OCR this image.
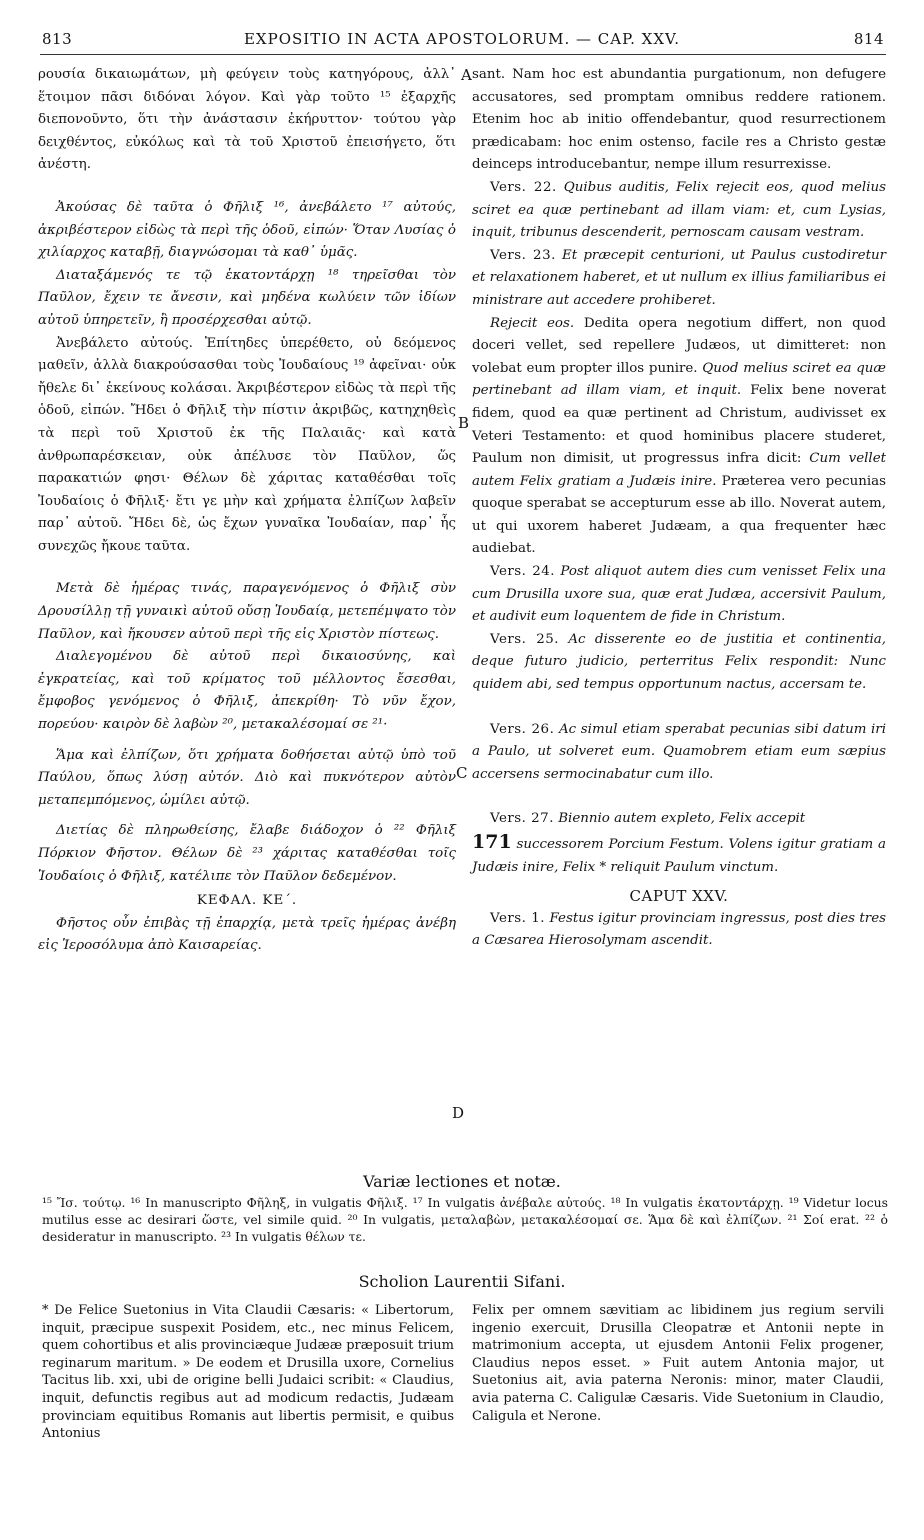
813	EXPOSITIO IN ACTA APOSTOLORUM. — CAP. XXV.	814
A
B
C
D

ρουσία δικαιωμάτων, μὴ φεύγειν τοὺς κατηγόρους, ἀλλ᾽ ἕτοιμον πᾶσι διδόναι λόγον. Καὶ γὰρ τοῦτο ¹⁵ ἐξαρχῆς διεπονοῦντο, ὅτι τὴν ἀνάστασιν ἐκήρυττον· τούτου γὰρ δειχθέντος, εὐκόλως καὶ τὰ τοῦ Χριστοῦ ἐπεισήγετο, ὅτι ἀνέστη.

Ἀκούσας δὲ ταῦτα ὁ Φῆλιξ ¹⁶, ἀνεβάλετο ¹⁷ αὐτούς, ἀκριβέστερον εἰδὼς τὰ περὶ τῆς ὁδοῦ, εἰπών· Ὅταν Λυσίας ὁ χιλίαρχος καταβῇ, διαγνώσομαι τὰ καθ᾽ ὑμᾶς.

Διαταξάμενός τε τῷ ἑκατοντάρχῃ ¹⁸ τηρεῖσθαι τὸν Παῦλον, ἔχειν τε ἄνεσιν, καὶ μηδένα κωλύειν τῶν ἰδίων αὐτοῦ ὑπηρετεῖν, ἢ προσέρχεσθαι αὐτῷ.

Ἀνεβάλετο αὐτούς. Ἐπίτηδες ὑπερέθετο, οὐ δεόμενος μαθεῖν, ἀλλὰ διακρούσασθαι τοὺς Ἰουδαίους ¹⁹ ἀφεῖναι· οὐκ ἤθελε δι᾽ ἐκείνους κολάσαι. Ἀκριβέστερον εἰδὼς τὰ περὶ τῆς ὁδοῦ, εἰπών. Ἤδει ὁ Φῆλιξ τὴν πίστιν ἀκριβῶς, κατηχηθεὶς τὰ περὶ τοῦ Χριστοῦ ἐκ τῆς Παλαιᾶς· καὶ κατὰ ἀνθρωπαρέσκειαν, οὐκ ἀπέλυσε τὸν Παῦλον, ὥς παρακατιών φησι· Θέλων δὲ χάριτας καταθέσθαι τοῖς Ἰουδαίοις ὁ Φῆλιξ· ἔτι γε μὴν καὶ χρήματα ἐλπίζων λαβεῖν παρ᾽ αὐτοῦ. Ἤδει δὲ, ὡς ἔχων γυναῖκα Ἰουδαίαν, παρ᾽ ἧς συνεχῶς ἤκουε ταῦτα.

Μετὰ δὲ ἡμέρας τινάς, παραγενόμενος ὁ Φῆλιξ σὺν Δρουσίλλῃ τῇ γυναικὶ αὐτοῦ οὔσῃ Ἰουδαίᾳ, μετεπέμψατο τὸν Παῦλον, καὶ ἤκουσεν αὐτοῦ περὶ τῆς εἰς Χριστὸν πίστεως.

Διαλεγομένου δὲ αὐτοῦ περὶ δικαιοσύνης, καὶ ἐγκρατείας, καὶ τοῦ κρίματος τοῦ μέλλοντος ἔσεσθαι, ἔμφοβος γενόμενος ὁ Φῆλιξ, ἀπεκρίθη· Τὸ νῦν ἔχον, πορεύου· καιρὸν δὲ λαβὼν ²⁰, μετακαλέσομαί σε ²¹·

Ἅμα καὶ ἐλπίζων, ὅτι χρήματα δοθήσεται αὐτῷ ὑπὸ τοῦ Παύλου, ὅπως λύσῃ αὐτόν. Διὸ καὶ πυκνότερον αὐτὸν μεταπεμπόμενος, ὡμίλει αὐτῷ.

Διετίας δὲ πληρωθείσης, ἔλαβε διάδοχον ὁ ²² Φῆλιξ Πόρκιον Φῆστον. Θέλων δὲ ²³ χάριτας καταθέσθαι τοῖς Ἰουδαίοις ὁ Φῆλιξ, κατέλιπε τὸν Παῦλον δεδεμένον.

ΚΕΦΑΛ. ΚΕ΄.

Φῆστος οὖν ἐπιβὰς τῇ ἐπαρχίᾳ, μετὰ τρεῖς ἡμέρας ἀνέβη εἰς Ἱεροσόλυμα ἀπὸ Καισαρείας.

sant. Nam hoc est abundantia purgationum, non defugere accusatores, sed promptam omnibus reddere rationem. Etenim hoc ab initio offendebantur, quod resurrectionem prædicabam: hoc enim ostenso, facile res a Christo gestæ deinceps introducebantur, nempe illum resurrexisse.

Vers. 22. Quibus auditis, Felix rejecit eos, quod melius sciret ea quæ pertinebant ad illam viam: et, cum Lysias, inquit, tribunus descenderit, pernoscam causam vestram.

Vers. 23. Et præcepit centurioni, ut Paulus custodiretur et relaxationem haberet, et ut nullum ex illius familiaribus ei ministrare aut accedere prohiberet.

Rejecit eos. Dedita opera negotium differt, non quod doceri vellet, sed repellere Judæos, ut dimitteret: non volebat eum propter illos punire. Quod melius sciret ea quæ pertinebant ad illam viam, et inquit. Felix bene noverat fidem, quod ea quæ pertinent ad Christum, audivisset ex Veteri Testamento: et quod hominibus placere studeret, Paulum non dimisit, ut progressus infra dicit: Cum vellet autem Felix gratiam a Judæis inire. Præterea vero pecunias quoque sperabat se accepturum esse ab illo. Noverat autem, ut qui uxorem haberet Judæam, a qua frequenter hæc audiebat.

Vers. 24. Post aliquot autem dies cum venisset Felix una cum Drusilla uxore sua, quæ erat Judæa, accersivit Paulum, et audivit eum loquentem de fide in Christum.

Vers. 25. Ac disserente eo de justitia et continentia, deque futuro judicio, perterritus Felix respondit: Nunc quidem abi, sed tempus opportunum nactus, accersam te.

Vers. 26. Ac simul etiam sperabat pecunias sibi datum iri a Paulo, ut solveret eum. Quamobrem etiam eum sæpius accersens sermocinabatur cum illo.

Vers. 27. Biennio autem expleto, Felix accepit
171 successorem Porcium Festum. Volens igitur gratiam a Judæis inire, Felix * reliquit Paulum vinctum.

CAPUT XXV.

Vers. 1. Festus igitur provinciam ingressus, post dies tres a Cæsarea Hierosolymam ascendit.

Variæ lectiones et notæ.
¹⁵ Ἴσ. τούτῳ. ¹⁶ In manuscripto Φῆληξ, in vulgatis Φῆλιξ. ¹⁷ In vulgatis ἀνέβαλε αὐτούς. ¹⁸ In vulgatis ἑκατοντάρχῃ. ¹⁹ Videtur locus mutilus esse ac desirari ὥστε, vel simile quid. ²⁰ In vulgatis, μεταλαβὼν, μετακαλέσομαί σε. Ἅμα δὲ καὶ ἐλπίζων. ²¹ Σοί erat. ²² ὁ desideratur in manuscripto. ²³ In vulgatis θέλων τε.
Scholion Laurentii Sifani.
* De Felice Suetonius in Vita Claudii Cæsaris: « Libertorum, inquit, præcipue suspexit Posidem, etc., nec minus Felicem, quem cohortibus et alis provinciæque Judææ præposuit trium reginarum maritum. » De eodem et Drusilla uxore, Cornelius Tacitus lib. xxi, ubi de origine belli Judaici scribit: « Claudius, inquit, defunctis regibus aut ad modicum redactis, Judæam provinciam equitibus Romanis aut libertis permisit, e quibus Antonius
Felix per omnem sævitiam ac libidinem jus regium servili ingenio exercuit, Drusilla Cleopatræ et Antonii nepte in matrimonium accepta, ut ejusdem Antonii Felix progener, Claudius nepos esset. » Fuit autem Antonia major, ut Suetonius ait, avia paterna Neronis: minor, mater Claudii, avia paterna C. Caligulæ Cæsaris. Vide Suetonium in Claudio, Caligula et Nerone.
